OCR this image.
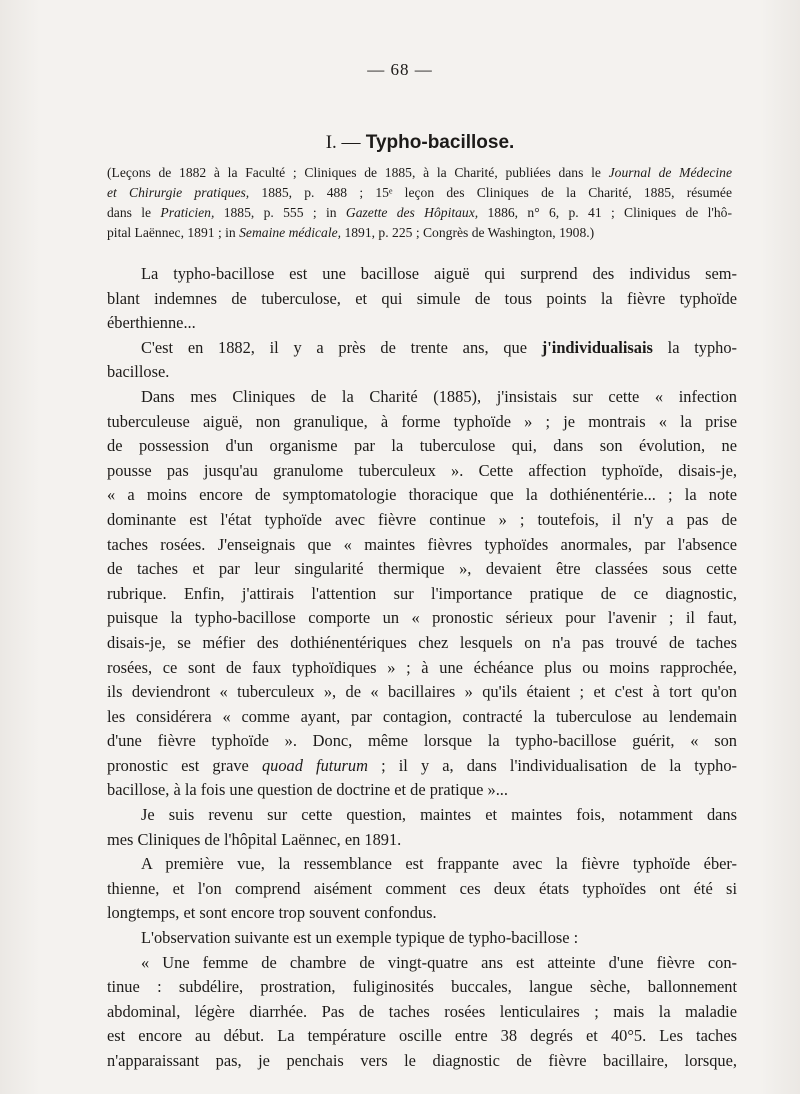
— 68 —
I. — Typho-bacillose.
(Leçons de 1882 à la Faculté ; Cliniques de 1885, à la Charité, publiées dans le Journal de Médecine
et Chirurgie pratiques, 1885, p. 488 ; 15ᵉ leçon des Cliniques de la Charité, 1885, résumée
dans le Praticien, 1885, p. 555 ; in Gazette des Hôpitaux, 1886, n° 6, p. 41 ; Cliniques de l'hô-
pital Laënnec, 1891 ; in Semaine médicale, 1891, p. 225 ; Congrès de Washington, 1908.)
La typho-bacillose est une bacillose aiguë qui surprend des individus sem-
blant indemnes de tuberculose, et qui simule de tous points la fièvre typhoïde
éberthienne...
C'est en 1882, il y a près de trente ans, que j'individualisais la typho-
bacillose.
Dans mes Cliniques de la Charité (1885), j'insistais sur cette « infection
tuberculeuse aiguë, non granulique, à forme typhoïde » ; je montrais « la prise
de possession d'un organisme par la tuberculose qui, dans son évolution, ne
pousse pas jusqu'au granulome tuberculeux ». Cette affection typhoïde, disais-je,
« a moins encore de symptomatologie thoracique que la dothiénentérie... ; la note
dominante est l'état typhoïde avec fièvre continue » ; toutefois, il n'y a pas de
taches rosées. J'enseignais que « maintes fièvres typhoïdes anormales, par l'absence
de taches et par leur singularité thermique », devaient être classées sous cette
rubrique. Enfin, j'attirais l'attention sur l'importance pratique de ce diagnostic,
puisque la typho-bacillose comporte un « pronostic sérieux pour l'avenir ; il faut,
disais-je, se méfier des dothiénentériques chez lesquels on n'a pas trouvé de taches
rosées, ce sont de faux typhoïdiques » ; à une échéance plus ou moins rapprochée,
ils deviendront « tuberculeux », de « bacillaires » qu'ils étaient ; et c'est à tort qu'on
les considérera « comme ayant, par contagion, contracté la tuberculose au lendemain
d'une fièvre typhoïde ». Donc, même lorsque la typho-bacillose guérit, « son
pronostic est grave quoad futurum ; il y a, dans l'individualisation de la typho-
bacillose, à la fois une question de doctrine et de pratique »...
Je suis revenu sur cette question, maintes et maintes fois, notamment dans
mes Cliniques de l'hôpital Laënnec, en 1891.
A première vue, la ressemblance est frappante avec la fièvre typhoïde éber-
thienne, et l'on comprend aisément comment ces deux états typhoïdes ont été si
longtemps, et sont encore trop souvent confondus.
L'observation suivante est un exemple typique de typho-bacillose :
« Une femme de chambre de vingt-quatre ans est atteinte d'une fièvre con-
tinue : subdélire, prostration, fuliginosités buccales, langue sèche, ballonnement
abdominal, légère diarrhée. Pas de taches rosées lenticulaires ; mais la maladie
est encore au début. La température oscille entre 38 degrés et 40°5. Les taches
n'apparaissant pas, je penchais vers le diagnostic de fièvre bacillaire, lorsque,
